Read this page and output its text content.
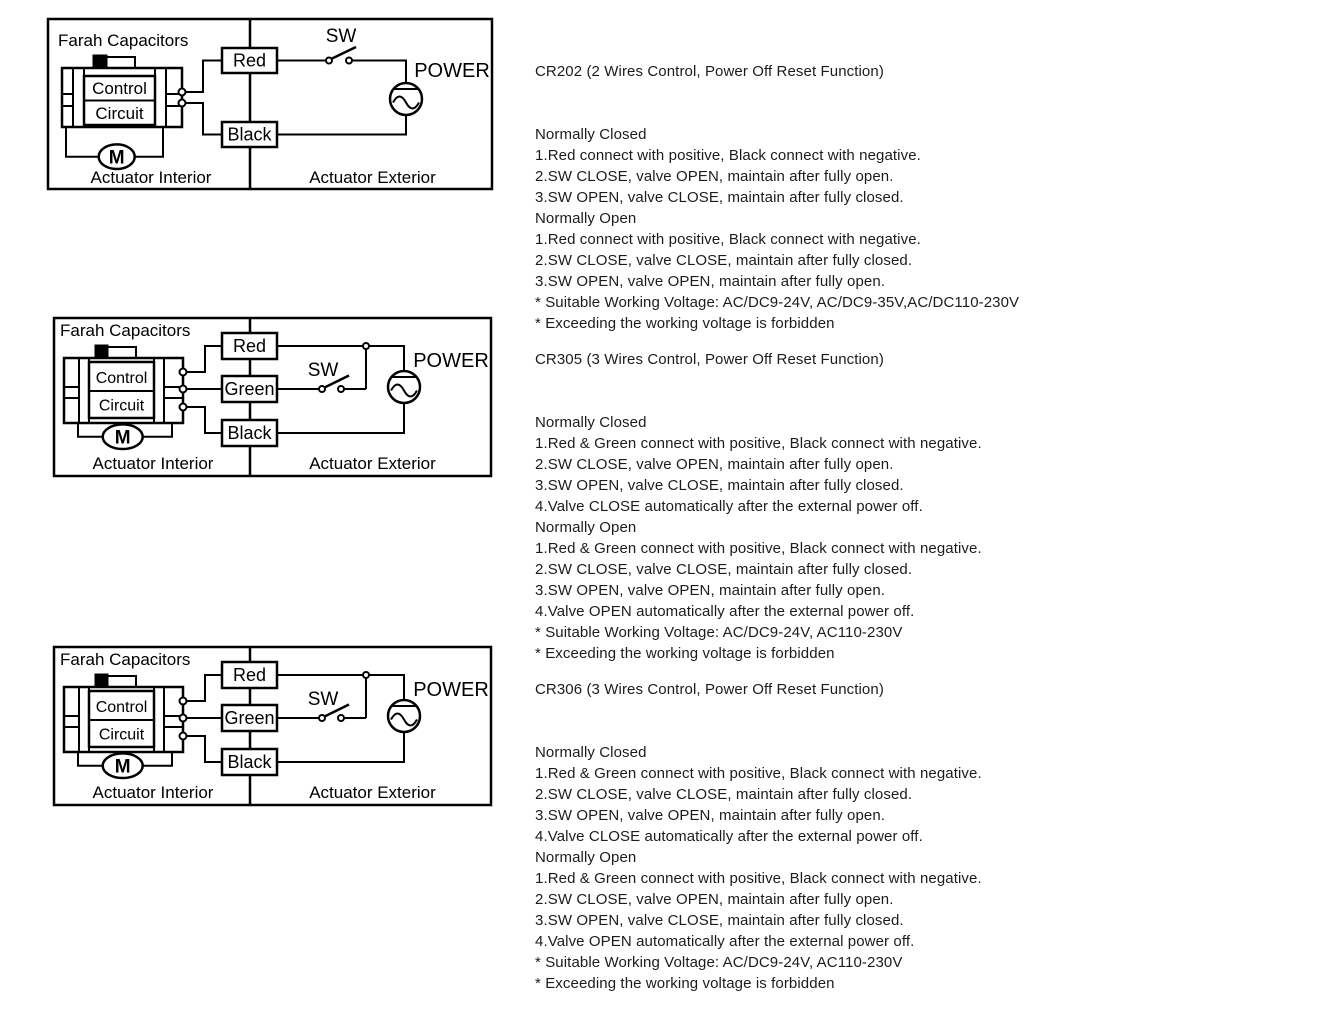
Control
Circuit
M
Red
Black
Farah Capacitors	SW
POWER
Actuator Interior	Actuator Exterior

CR202 (2 Wires Control, Power Off Reset Function)

Normally Closed
1.Red connect with positive, Black connect with negative.
2.SW CLOSE, valve OPEN, maintain after fully open.
3.SW OPEN, valve CLOSE, maintain after fully closed.
Normally Open
1.Red connect with positive, Black connect with negative.
2.SW CLOSE, valve CLOSE, maintain after fully closed.
3.SW OPEN, valve OPEN, maintain after fully open.
* Suitable Working Voltage: AC/DC9-24V, AC/DC9-35V,AC/DC110-230V
* Exceeding the working voltage is forbidden

Control
Circuit
M
Red
Green
Black
Farah Capacitors
SW	POWER
Actuator Interior	Actuator Exterior

CR305 (3 Wires Control, Power Off Reset Function)

Normally Closed
1.Red & Green connect with positive, Black connect with negative.
2.SW CLOSE, valve OPEN, maintain after fully open.
3.SW OPEN, valve CLOSE, maintain after fully closed.
4.Valve CLOSE automatically after the external power off.
Normally Open
1.Red & Green connect with positive, Black connect with negative.
2.SW CLOSE, valve CLOSE, maintain after fully closed.
3.SW OPEN, valve OPEN, maintain after fully open.
4.Valve OPEN automatically after the external power off.
* Suitable Working Voltage: AC/DC9-24V, AC110-230V
* Exceeding the working voltage is forbidden

Control
Circuit
M
Red
Green
Black
Farah Capacitors
SW	POWER
Actuator Interior	Actuator Exterior

CR306 (3 Wires Control, Power Off Reset Function)

Normally Closed
1.Red & Green connect with positive, Black connect with negative.
2.SW CLOSE, valve CLOSE, maintain after fully closed.
3.SW OPEN, valve OPEN, maintain after fully open.
4.Valve CLOSE automatically after the external power off.
Normally Open
1.Red & Green connect with positive, Black connect with negative.
2.SW CLOSE, valve OPEN, maintain after fully open.
3.SW OPEN, valve CLOSE, maintain after fully closed.
4.Valve OPEN automatically after the external power off.
* Suitable Working Voltage: AC/DC9-24V, AC110-230V
* Exceeding the working voltage is forbidden
